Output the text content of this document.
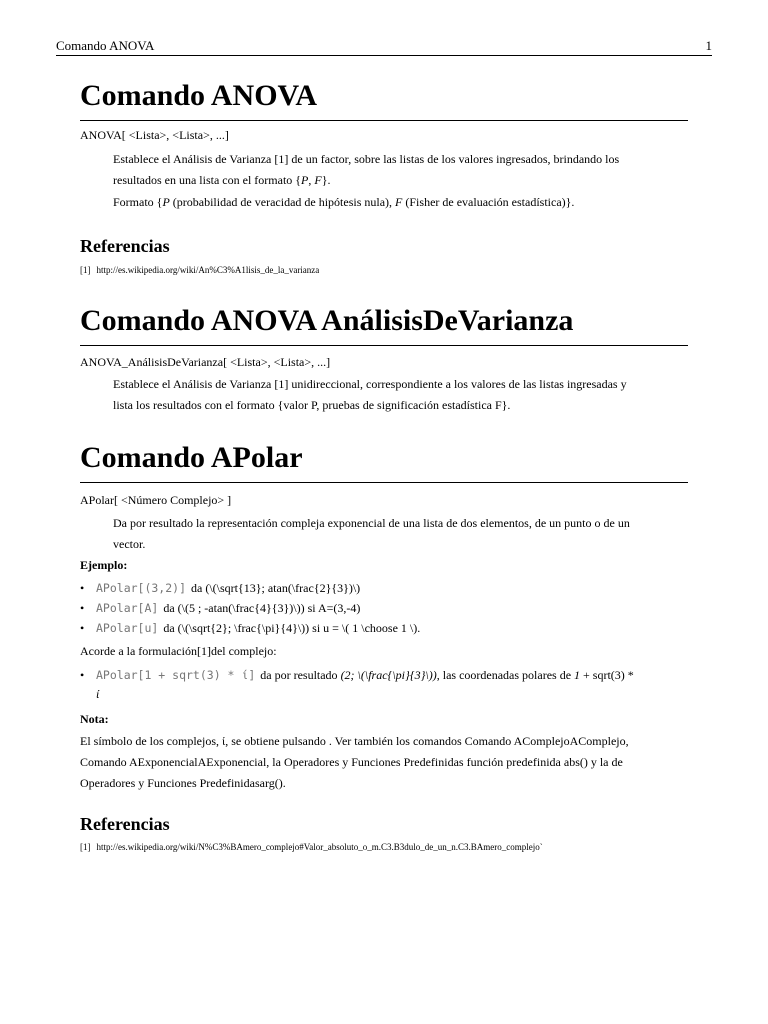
Comando ANOVA	1
Comando ANOVA
ANOVA[ <Lista>, <Lista>, ...]
Establece el Análisis de Varianza [1] de un factor, sobre las listas de los valores ingresados, brindando los
resultados en una lista con el formato {P, F}.
Formato {P (probabilidad de veracidad de hipótesis nula), F (Fisher de evaluación estadística)}.
Referencias
[1] http://es.wikipedia.org/wiki/An%C3%A1lisis_de_la_varianza
Comando ANOVA AnálisisDeVarianza
ANOVA_AnálisisDeVarianza[ <Lista>, <Lista>, ...]
Establece el Análisis de Varianza [1] unidireccional, correspondiente a los valores de las listas ingresadas y
lista los resultados con el formato {valor P, pruebas de significación estadística F}.
Comando APolar
APolar[ <Número Complejo> ]
Da por resultado la representación compleja exponencial de una lista de dos elementos, de un punto o de un
vector.
Ejemplo:
• APolar[(3,2)] da (\(\sqrt{13}; atan(\frac{2}{3})\)
• APolar[A] da (\(5 ; -atan(\frac{4}{3})\)) si A=(3,-4)
• APolar[u] da (\(\sqrt{2}; \frac{\pi}{4}\)) si u = \( 1 \choose 1 \).
Acorde a la formulación[1]del complejo:
• APolar[1 + sqrt(3) * ί] da por resultado (2; \(\frac{\pi}{3}\)), las coordenadas polares de 1 + sqrt(3) *
ί
Nota:
El símbolo de los complejos, ί, se obtiene pulsando . Ver también los comandos Comando AComplejoAComplejo,
Comando AExponencialAExponencial, la Operadores y Funciones Predefinidas función predefinida abs() y la de
Operadores y Funciones Predefinidasarg().
Referencias
[1] http://es.wikipedia.org/wiki/N%C3%BAmero_complejo#Valor_absoluto_o_m.C3.B3dulo_de_un_n.C3.BAmero_complejo`
